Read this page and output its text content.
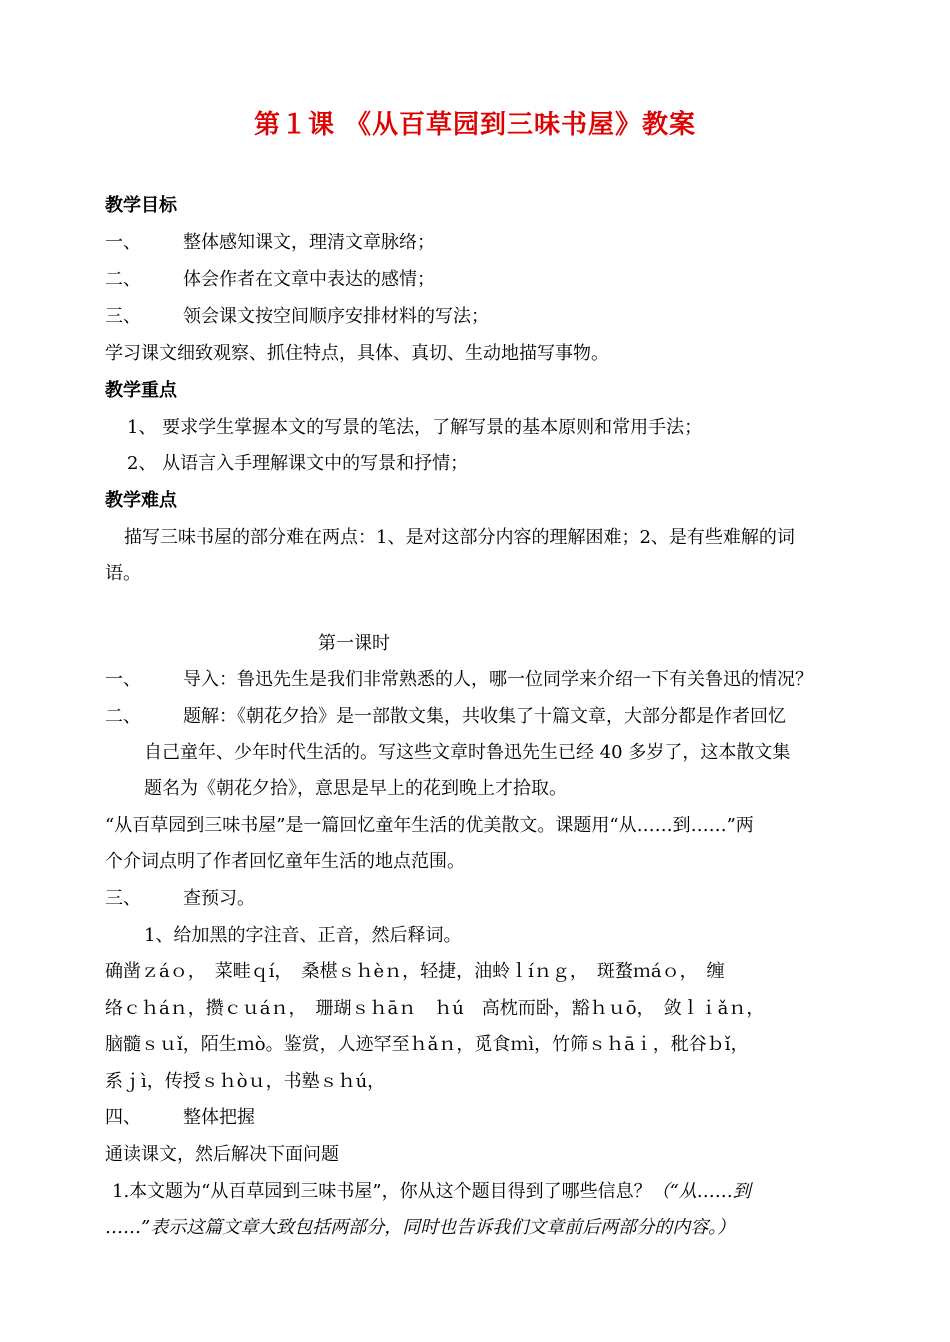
第１课 《从百草园到三味书屋》教案
教学目标
一、 整体感知课文，理清文章脉络；
二、 体会作者在文章中表达的感情；
三、 领会课文按空间顺序安排材料的写法；
学习课文细致观察、抓住特点，具体、真切、生动地描写事物。
教学重点
1、 要求学生掌握本文的写景的笔法，了解写景的基本原则和常用手法；
2、 从语言入手理解课文中的写景和抒情；
教学难点
描写三味书屋的部分难在两点：1、是对这部分内容的理解困难；2、是有些难解的词
语。
第一课时
一、 导入：鲁迅先生是我们非常熟悉的人，哪一位同学来介绍一下有关鲁迅的情况？
二、 题解：《朝花夕拾》是一部散文集，共收集了十篇文章，大部分都是作者回忆
自己童年、少年时代生活的。写这些文章时鲁迅先生已经 40 多岁了，这本散文集
题名为《朝花夕拾》，意思是早上的花到晚上才拾取。
“从百草园到三味书屋”是一篇回忆童年生活的优美散文。课题用“从……到……”两
个介词点明了作者回忆童年生活的地点范围。
三、 查预习。
1、给加黑的字注音、正音，然后释词。
确凿ｚáｏ，　菜畦ｑí，　桑椹ｓｈèｎ，轻捷，油蛉ｌíｎｇ，　斑蝥ｍáｏ，　缠
络ｃｈáｎ，攒ｃｕáｎ，　珊瑚ｓｈāｎ　ｈú　高枕而卧，豁ｈｕō，　敛ｌｉǎｎ，
脑髓ｓｕǐ，陌生ｍò。鉴赏，人迹罕至ｈǎｎ，觅食ｍì，竹筛ｓｈāｉ，秕谷ｂǐ，
系ｊì，传授ｓｈòｕ，书塾ｓｈú，
四、 整体把握
通读课文，然后解决下面问题
1.本文题为“从百草园到三味书屋”，你从这个题目得到了哪些信息？（“从……到
……”表示这篇文章大致包括两部分，同时也告诉我们文章前后两部分的内容。）
